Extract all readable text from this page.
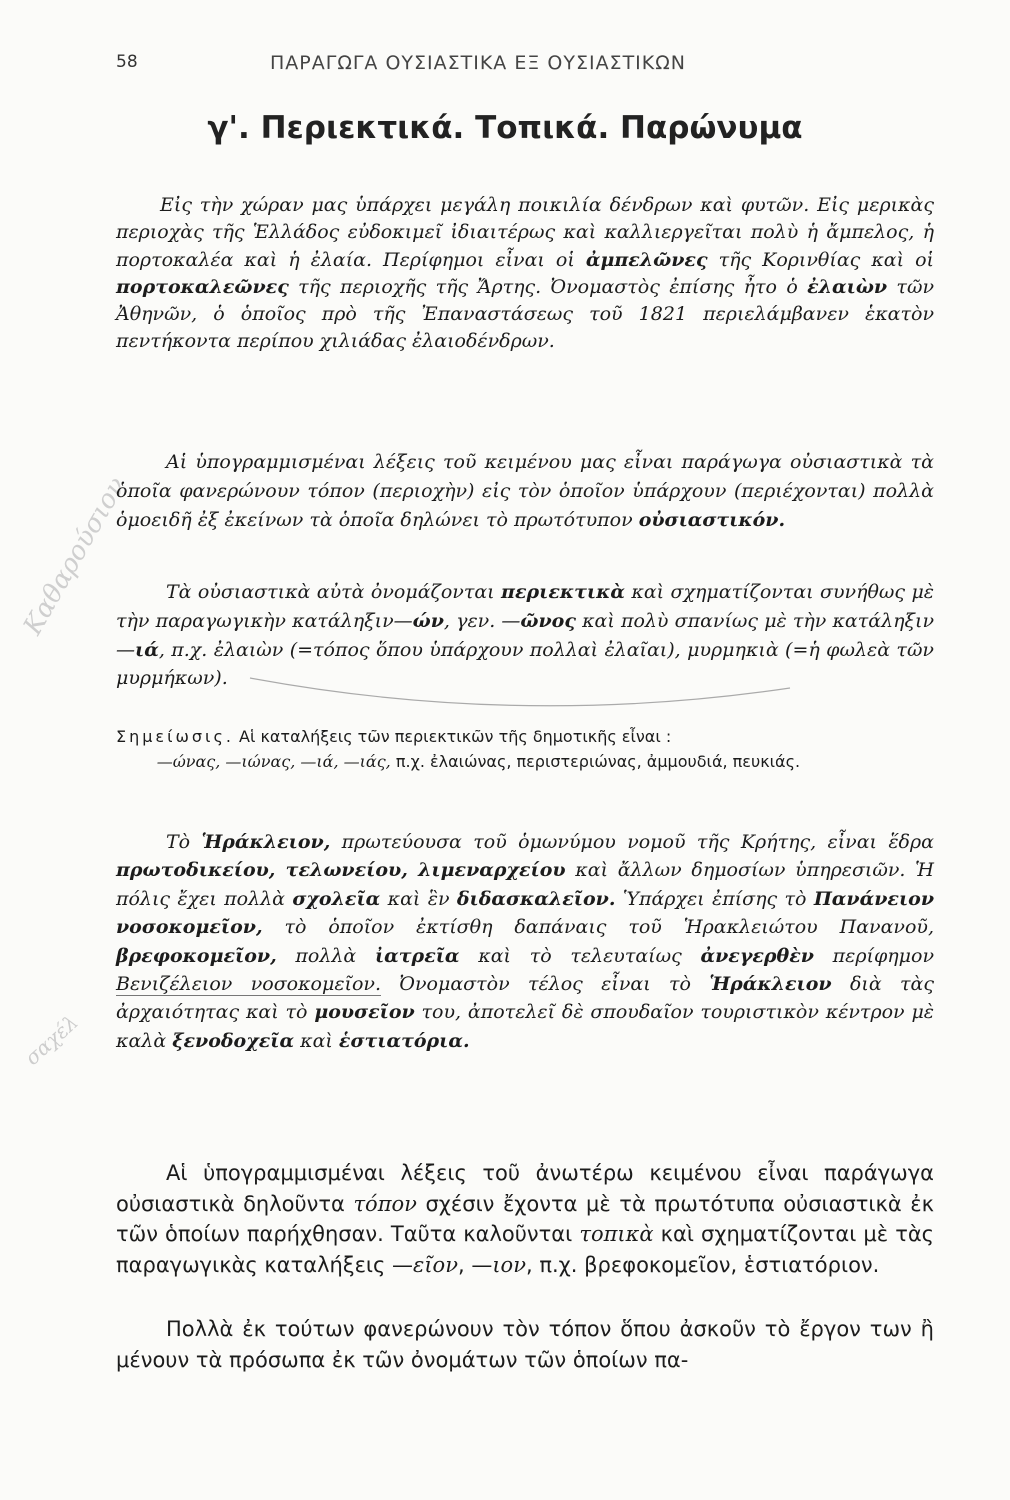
58	ΠΑΡΑΓΩΓΑ ΟΥΣΙΑΣΤΙΚΑ ΕΞ ΟΥΣΙΑΣΤΙΚΩΝ
γ'. Περιεκτικά. Τοπικά. Παρώνυμα
Καθαρούσιον
σαχέλ
Εἰς τὴν χώραν μας ὑπάρχει μεγάλη ποικιλία δένδρων καὶ φυτῶν. Εἰς μερικὰς περιοχὰς τῆς Ἑλλάδος εὐδοκιμεῖ ἰδιαιτέρως καὶ καλλιεργεῖται πολὺ ἡ ἄμπελος, ἡ πορτοκαλέα καὶ ἡ ἐλαία. Περίφημοι εἶναι οἱ ἀμπελῶνες τῆς Κορινθίας καὶ οἱ πορτοκαλεῶνες τῆς περιοχῆς τῆς Ἄρτης. Ὀνομαστὸς ἐπίσης ἦτο ὁ ἐλαιὼν τῶν Ἀθηνῶν, ὁ ὁποῖος πρὸ τῆς Ἐπαναστάσεως τοῦ 1821 περιελάμβανεν ἑκατὸν πεντήκοντα περίπου χιλιάδας ἐλαιοδένδρων.
Αἱ ὑπογραμμισμέναι λέξεις τοῦ κειμένου μας εἶναι παράγωγα οὐσιαστικὰ τὰ ὁποῖα φανερώνουν τόπον (περιοχὴν) εἰς τὸν ὁποῖον ὑπάρχουν (περιέχονται) πολλὰ ὁμοειδῆ ἐξ ἐκείνων τὰ ὁποῖα δηλώνει τὸ πρωτότυπον οὐσιαστικόν.
Τὰ οὐσιαστικὰ αὐτὰ ὀνομάζονται περιεκτικὰ καὶ σχηματίζονται συνήθως μὲ τὴν παραγωγικὴν κατάληξιν—ών, γεν. —ῶνος καὶ πολὺ σπανίως μὲ τὴν κατάληξιν —ιά, π.χ. ἐλαιὼν (=τόπος ὅπου ὑπάρχουν πολλαὶ ἐλαῖαι), μυρμηκιὰ (=ἡ φωλεὰ τῶν μυρμήκων).
Σημείωσις. Αἱ καταλήξεις τῶν περιεκτικῶν τῆς δημοτικῆς εἶναι :
—ώνας, —ιώνας, —ιά, —ιάς, π.χ. ἐλαιώνας, περιστεριώνας, ἀμμουδιά, πευκιάς.
Τὸ Ἡράκλειον, πρωτεύουσα τοῦ ὁμωνύμου νομοῦ τῆς Κρήτης, εἶναι ἕδρα πρωτοδικείου, τελωνείου, λιμεναρχείου καὶ ἄλλων δημοσίων ὑπηρεσιῶν. Ἡ πόλις ἔχει πολλὰ σχολεῖα καὶ ἓν διδασκαλεῖον. Ὑπάρχει ἐπίσης τὸ Πανάνειον νοσοκομεῖον, τὸ ὁποῖον ἐκτίσθη δαπάναις τοῦ Ἡρακλειώτου Πανανοῦ, βρεφοκομεῖον, πολλὰ ἰατρεῖα καὶ τὸ τελευταίως ἀνεγερθὲν περίφημον Βενιζέλειον νοσοκομεῖον. Ὀνομαστὸν τέλος εἶναι τὸ Ἡράκλειον διὰ τὰς ἀρχαιότητας καὶ τὸ μουσεῖον του, ἀποτελεῖ δὲ σπουδαῖον τουριστικὸν κέντρον μὲ καλὰ ξενοδοχεῖα καὶ ἑστιατόρια.
Αἱ ὑπογραμμισμέναι λέξεις τοῦ ἀνωτέρω κειμένου εἶναι παράγωγα οὐσιαστικὰ δηλοῦντα τόπον σχέσιν ἔχοντα μὲ τὰ πρωτότυπα οὐσιαστικὰ ἐκ τῶν ὁποίων παρήχθησαν. Ταῦτα καλοῦνται τοπικὰ καὶ σχηματίζονται μὲ τὰς παραγωγικὰς καταλήξεις —εῖον, —ιον, π.χ. βρεφοκομεῖον, ἑστιατόριον.
Πολλὰ ἐκ τούτων φανερώνουν τὸν τόπον ὅπου ἀσκοῦν τὸ ἔργον των ἢ μένουν τὰ πρόσωπα ἐκ τῶν ὀνομάτων τῶν ὁποίων πα-
